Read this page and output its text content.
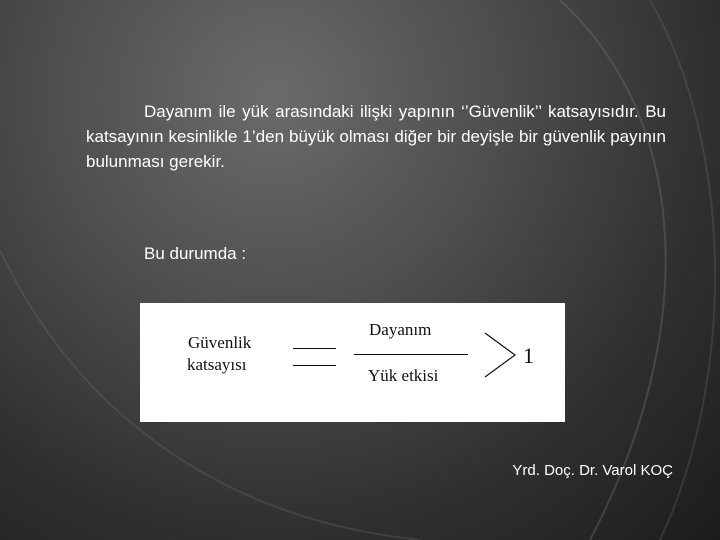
Dayanım ile yük arasındaki ilişki yapının ‘’Güvenlik’’ katsayısıdır. Bu katsayının kesinlikle 1’den büyük olması diğer bir deyişle bir güvenlik payının bulunması gerekir.

Bu durumda :

Güvenlik
katsayısı
Dayanım
Yük etkisi
1

Yrd. Doç. Dr. Varol KOÇ
